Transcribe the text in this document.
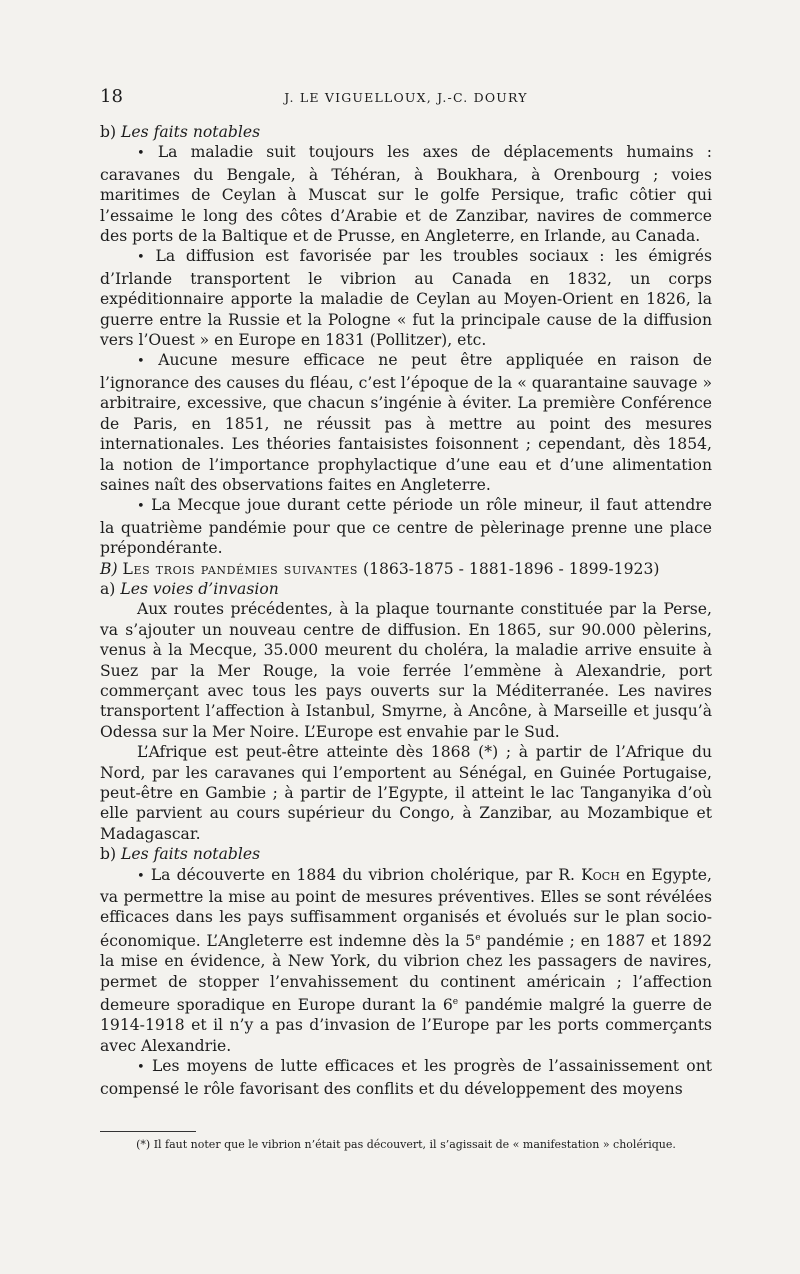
18	J. LE VIGUELLOUX, J.-C. DOURY

b) Les faits notables

• La maladie suit toujours les axes de déplacements humains : caravanes du Bengale, à Téhéran, à Boukhara, à Orenbourg ; voies maritimes de Ceylan à Muscat sur le golfe Persique, trafic côtier qui l’essaime le long des côtes d’Arabie et de Zanzibar, navires de commerce des ports de la Baltique et de Prusse, en Angleterre, en Irlande, au Canada.

• La diffusion est favorisée par les troubles sociaux : les émigrés d’Irlande transportent le vibrion au Canada en 1832, un corps expéditionnaire apporte la maladie de Ceylan au Moyen-Orient en 1826, la guerre entre la Russie et la Pologne « fut la principale cause de la diffusion vers l’Ouest » en Europe en 1831 (Pollitzer), etc.

• Aucune mesure efficace ne peut être appliquée en raison de l’ignorance des causes du fléau, c’est l’époque de la « quarantaine sauvage » arbitraire, excessive, que chacun s’ingénie à éviter. La première Conférence de Paris, en 1851, ne réussit pas à mettre au point des mesures internationales. Les théories fantaisistes foisonnent ; cependant, dès 1854, la notion de l’importance prophylactique d’une eau et d’une alimentation saines naît des observations faites en Angleterre.

• La Mecque joue durant cette période un rôle mineur, il faut attendre la quatrième pandémie pour que ce centre de pèlerinage prenne une place prépondérante.

B) Les trois pandémies suivantes (1863-1875 - 1881-1896 - 1899-1923)

a) Les voies d’invasion

Aux routes précédentes, à la plaque tournante constituée par la Perse, va s’ajouter un nouveau centre de diffusion. En 1865, sur 90.000 pèlerins, venus à la Mecque, 35.000 meurent du choléra, la maladie arrive ensuite à Suez par la Mer Rouge, la voie ferrée l’emmène à Alexandrie, port commerçant avec tous les pays ouverts sur la Méditerranée. Les navires transportent l’affection à Istanbul, Smyrne, à Ancône, à Marseille et jusqu’à Odessa sur la Mer Noire. L’Europe est envahie par le Sud.

L’Afrique est peut-être atteinte dès 1868 (*) ; à partir de l’Afrique du Nord, par les caravanes qui l’emportent au Sénégal, en Guinée Portugaise, peut-être en Gambie ; à partir de l’Egypte, il atteint le lac Tanganyika d’où elle parvient au cours supérieur du Congo, à Zanzibar, au Mozambique et Madagascar.

b) Les faits notables

• La découverte en 1884 du vibrion cholérique, par R. Koch en Egypte, va permettre la mise au point de mesures préventives. Elles se sont révélées efficaces dans les pays suffisamment organisés et évolués sur le plan socio-économique. L’Angleterre est indemne dès la 5e pandémie ; en 1887 et 1892 la mise en évidence, à New York, du vibrion chez les passagers de navires, permet de stopper l’envahissement du continent américain ; l’affection demeure sporadique en Europe durant la 6e pandémie malgré la guerre de 1914-1918 et il n’y a pas d’invasion de l’Europe par les ports commerçants avec Alexandrie.

• Les moyens de lutte efficaces et les progrès de l’assainissement ont compensé le rôle favorisant des conflits et du développement des moyens

(*) Il faut noter que le vibrion n’était pas découvert, il s’agissait de « manifestation » cholérique.
